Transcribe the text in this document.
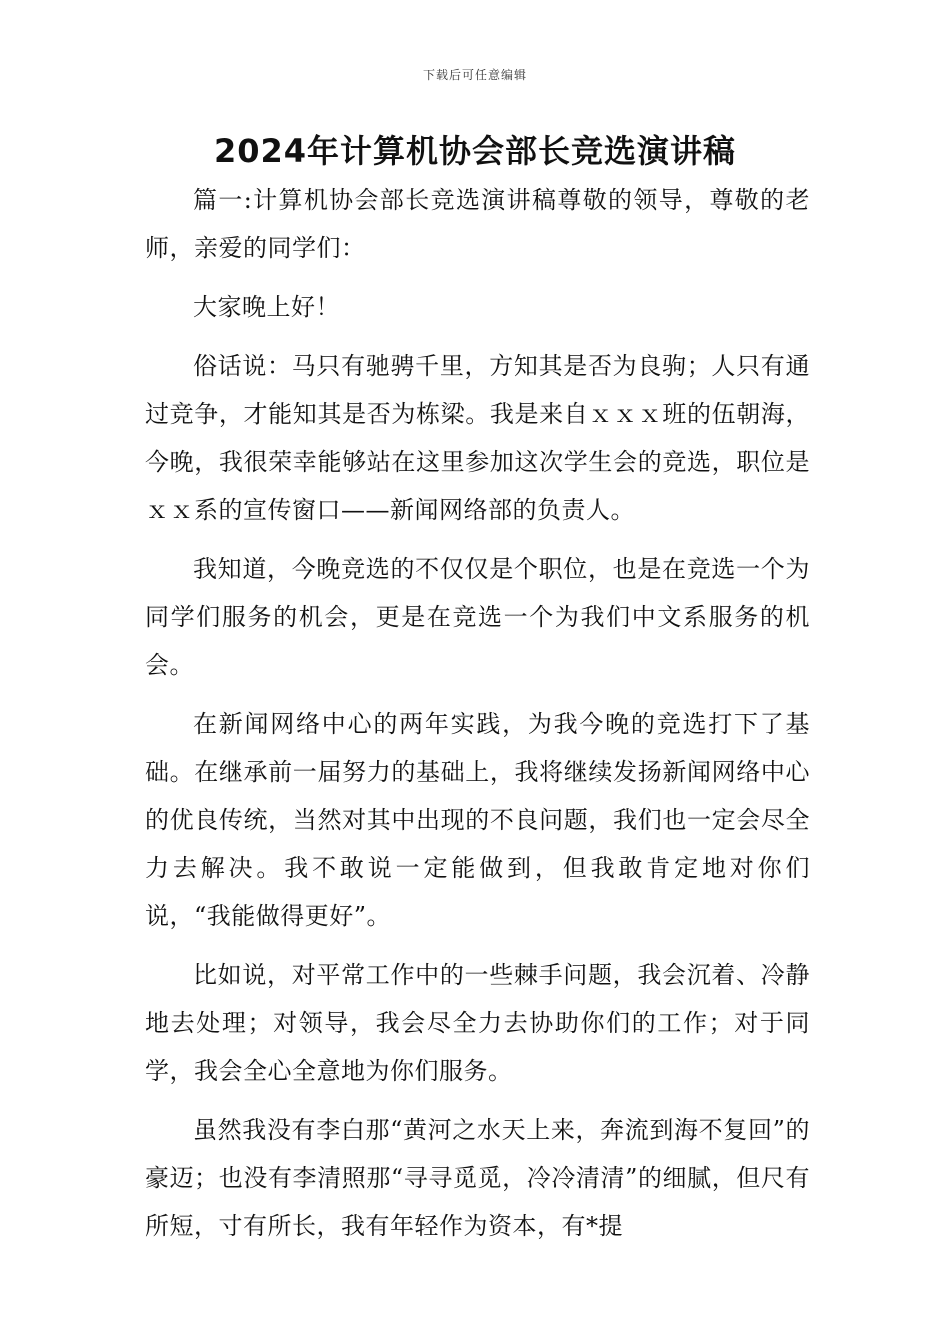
下载后可任意编辑
2024年计算机协会部长竞选演讲稿

篇一:计算机协会部长竞选演讲稿尊敬的领导，尊敬的老师，亲爱的同学们：

大家晚上好！

俗话说：马只有驰骋千里，方知其是否为良驹；人只有通过竞争，才能知其是否为栋梁。我是来自ｘｘｘ班的伍朝海，今晚，我很荣幸能够站在这里参加这次学生会的竞选，职位是ｘｘ系的宣传窗口——新闻网络部的负责人。

我知道，今晚竞选的不仅仅是个职位，也是在竞选一个为同学们服务的机会，更是在竞选一个为我们中文系服务的机会。

在新闻网络中心的两年实践，为我今晚的竞选打下了基础。在继承前一届努力的基础上，我将继续发扬新闻网络中心的优良传统，当然对其中出现的不良问题，我们也一定会尽全力去解决。我不敢说一定能做到，但我敢肯定地对你们说，“我能做得更好”。

比如说，对平常工作中的一些棘手问题，我会沉着、冷静地去处理；对领导，我会尽全力去协助你们的工作；对于同学，我会全心全意地为你们服务。

虽然我没有李白那“黄河之水天上来，奔流到海不复回”的豪迈；也没有李清照那“寻寻觅觅，冷冷清清”的细腻，但尺有所短，寸有所长，我有年轻作为资本，有*提
